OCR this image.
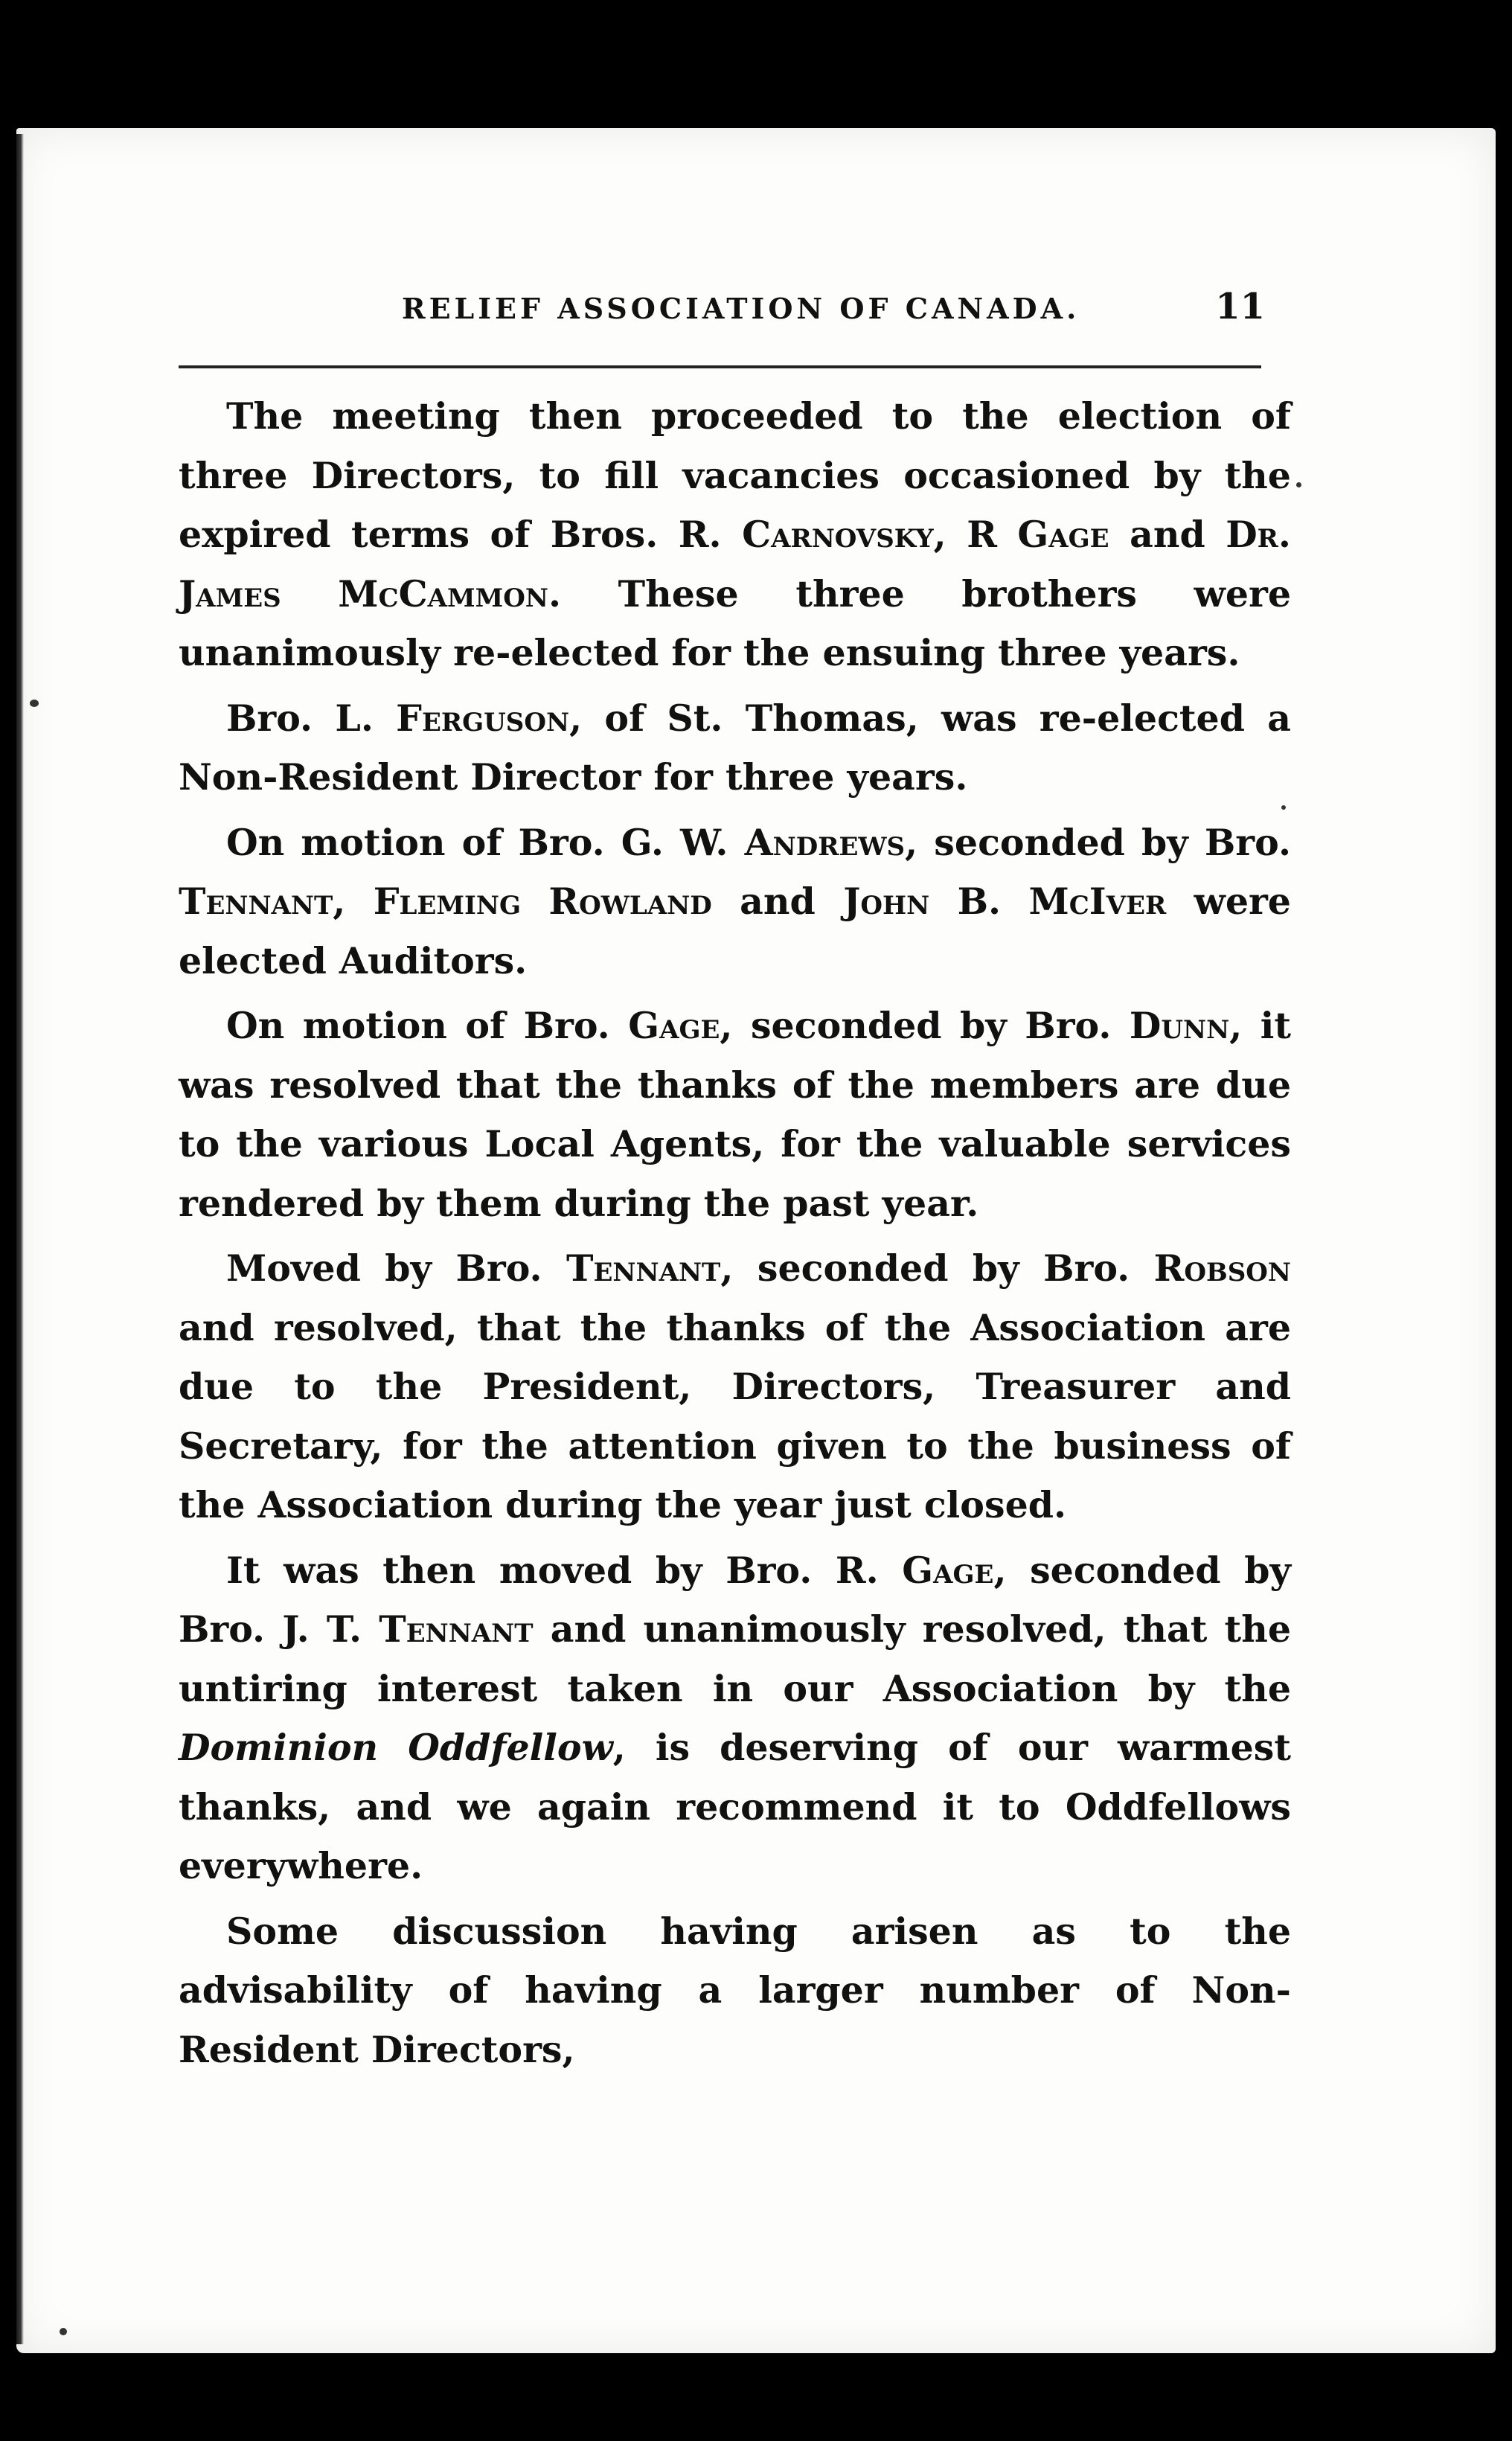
RELIEF ASSOCIATION OF CANADA.	11

The meeting then proceeded to the election of three Directors, to fill vacancies occasioned by the expired terms of Bros. R. Carnovsky, R Gage and Dr. James McCammon. These three brothers were unanimously re-elected for the ensuing three years.

Bro. L. Ferguson, of St. Thomas, was re-elected a Non-Resident Director for three years.

On motion of Bro. G. W. Andrews, seconded by Bro. Tennant, Fleming Rowland and John B. McIver were elected Auditors.

On motion of Bro. Gage, seconded by Bro. Dunn, it was resolved that the thanks of the members are due to the various Local Agents, for the valuable services rendered by them during the past year.

Moved by Bro. Tennant, seconded by Bro. Robson and resolved, that the thanks of the Association are due to the President, Directors, Treasurer and Secretary, for the attention given to the business of the Association during the year just closed.

It was then moved by Bro. R. Gage, seconded by Bro. J. T. Tennant and unanimously resolved, that the untiring interest taken in our Association by the Dominion Oddfellow, is deserving of our warmest thanks, and we again recommend it to Oddfellows everywhere.

Some discussion having arisen as to the advisability of having a larger number of Non-Resident Directors,
